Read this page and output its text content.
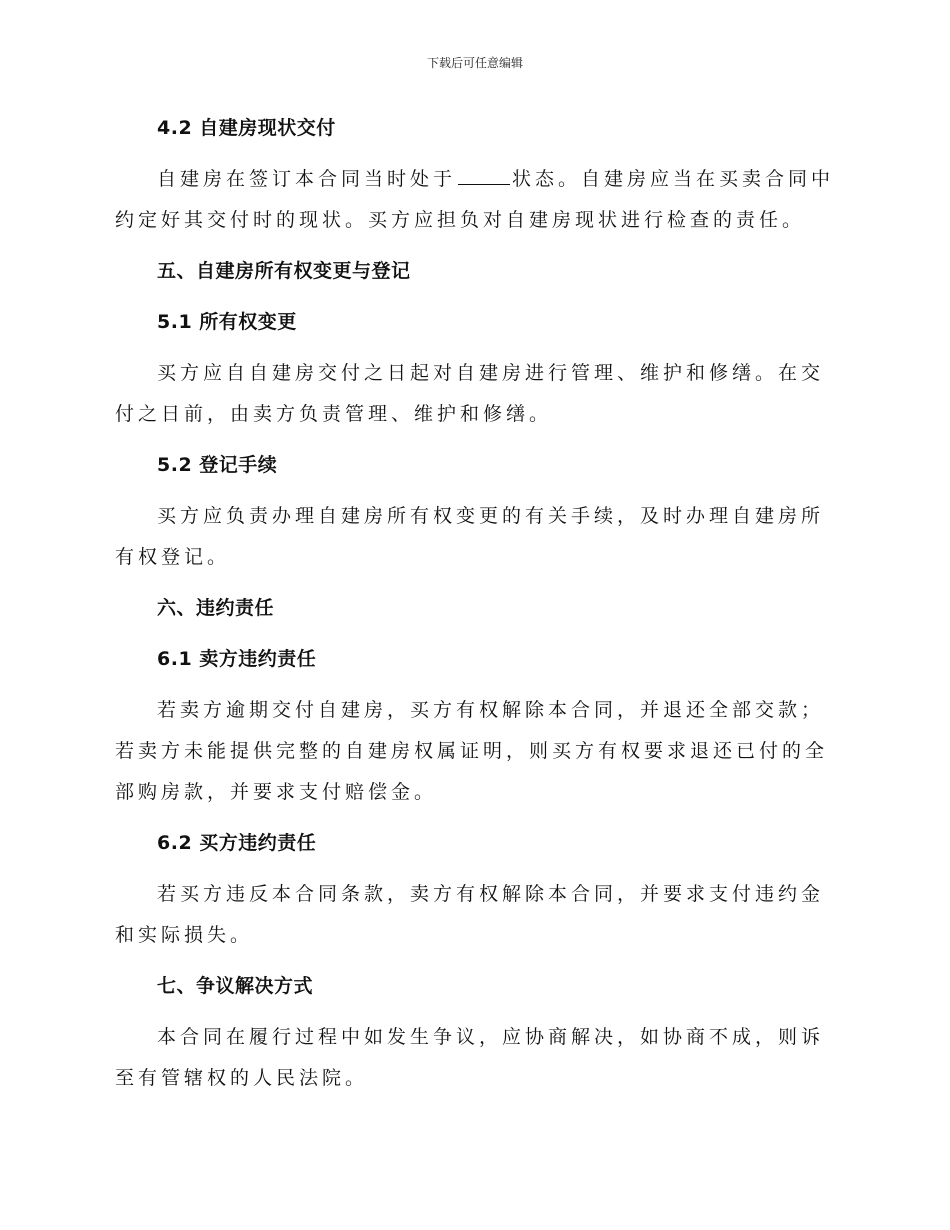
下载后可任意编辑
4.2 自建房现状交付

自建房在签订本合同当时处于	状态。自建房应当在买卖合同中约定好其交付时的现状。买方应担负对自建房现状进行检查的责任。

五、自建房所有权变更与登记
5.1 所有权变更

买方应自自建房交付之日起对自建房进行管理、维护和修缮。在交付之日前，由卖方负责管理、维护和修缮。

5.2 登记手续

买方应负责办理自建房所有权变更的有关手续，及时办理自建房所有权登记。

六、违约责任
6.1 卖方违约责任

若卖方逾期交付自建房，买方有权解除本合同，并退还全部交款；若卖方未能提供完整的自建房权属证明，则买方有权要求退还已付的全部购房款，并要求支付赔偿金。

6.2 买方违约责任

若买方违反本合同条款，卖方有权解除本合同，并要求支付违约金和实际损失。

七、争议解决方式

本合同在履行过程中如发生争议，应协商解决，如协商不成，则诉至有管辖权的人民法院。
